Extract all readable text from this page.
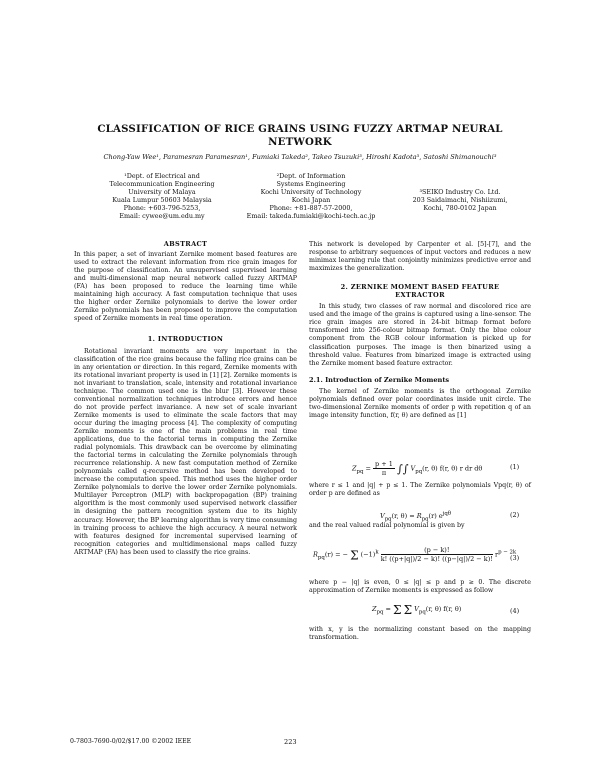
CLASSIFICATION OF RICE GRAINS USING FUZZY ARTMAP NEURAL
NETWORK
Chong-Yaw Wee¹, Paramesran Paramesran¹, Fumiaki Takeda², Takeo Tsuzuki³, Hiroshi Kadota³, Satoshi Shimanouchi³
¹Dept. of Electrical and
Telecommunication Engineering
University of Malaya
Kuala Lumpur 50603 Malaysia
Phone: +603-796-5253,
Email: cywee@um.edu.my
²Dept. of Information
Systems Engineering
Kochi University of Technology
Kochi Japan
Phone: +81-887-57-2000,
Email: takeda.fumiaki@kochi-tech.ac.jp
³SEIKO Industry Co. Ltd.
203 Saidaimachi, Nishiizumi,
Kochi, 780-0102 Japan

ABSTRACT

In this paper, a set of invariant Zernike moment based features are used to extract the relevant information from rice grain images for the purpose of classification. An unsupervised supervised learning and multi-dimensional map neural network called fuzzy ARTMAP (FA) has been proposed to reduce the learning time while maintaining high accuracy. A fast computation technique that uses the higher order Zernike polynomials to derive the lower order Zernike polynomials has been proposed to improve the computation speed of Zernike moments in real time operation.

1. INTRODUCTION

Rotational invariant moments are very important in the classification of the rice grains because the falling rice grains can be in any orientation or direction. In this regard, Zernike moments with its rotational invariant property is used in [1] [2]. Zernike moments is not invariant to translation, scale, intensity and rotational invariance technique. The common used one is the blur [3]. However these conventional normalization techniques introduce errors and hence do not provide perfect invariance. A new set of scale invariant Zernike moments is used to eliminate the scale factors that may occur during the imaging process [4]. The complexity of computing Zernike moments is one of the main problems in real time applications, due to the factorial terms in computing the Zernike radial polynomials. This drawback can be overcome by eliminating the factorial terms in calculating the Zernike polynomials through recurrence relationship. A new fast computation method of Zernike polynomials called q-recursive method has been developed to increase the computation speed. This method uses the higher order Zernike polynomials to derive the lower order Zernike polynomials. Multilayer Perceptron (MLP) with backpropagation (BP) training algorithm is the most commonly used supervised network classifier in designing the pattern recognition system due to its highly accuracy. However, the BP learning algorithm is very time consuming in training process to achieve the high accuracy. A neural network with features designed for incremental supervised learning of recognition categories and multidimensional maps called fuzzy ARTMAP (FA) has been used to classify the rice grains.

This network is developed by Carpenter et al. [5]-[7], and the response to arbitrary sequences of input vectors and reduces a new minimax learning rule that conjointly minimizes predictive error and maximizes the generalization.

2. ZERNIKE MOMENT BASED FEATURE

EXTRACTOR

In this study, two classes of raw normal and discolored rice are used and the image of the grains is captured using a line-sensor. The rice grain images are stored in 24-bit bitmap format before transformed into 256-colour bitmap format. Only the blue colour component from the RGB colour information is picked up for classification purposes. The image is then binarized using a threshold value. Features from binarized image is extracted using the Zernike moment based feature extractor.

2.1. Introduction of Zernike Moments

The kernel of Zernike moments is the orthogonal Zernike polynomials defined over polar coordinates inside unit circle. The two-dimensional Zernike moments of order p with repetition q of an image intensity function, f(r, θ) are defined as [1]

$Z_{pq} = \frac{p + 1}{\pi}$ ∫∫ $V_{pq}(r$, θ) f(r, θ) r dr dθ	(1)
where r ≤ 1 and |q| + p ≤ 1. The Zernike polynomials Vpq(r, θ) of order p are defined as
$V_{pq}(r$, $\theta) = R_{pq}(r)$ $e^{jq\theta}$	(2)
and the real valued radial polynomial is given by
$R_{pq}(r)$ = − Σ $(-1)^k \frac{(p - k)!}{k! ((p+|q|)/2 - k)! ((p-|q|)/2 - k)!} r^{p - 2k}$
(3)
where p − |q| is even, 0 ≤ |q| ≤ p and p ≥ 0. The discrete approximation of Zernike moments is expressed as follow
$Z_{pq} = \Sigma$ Σ $V_{pq}(r$, θ) f(r, θ)	(4)
with x, y is the normalizing constant based on the mapping transformation.
0-7803-7690-0/02/$17.00 ©2002 IEEE	223
